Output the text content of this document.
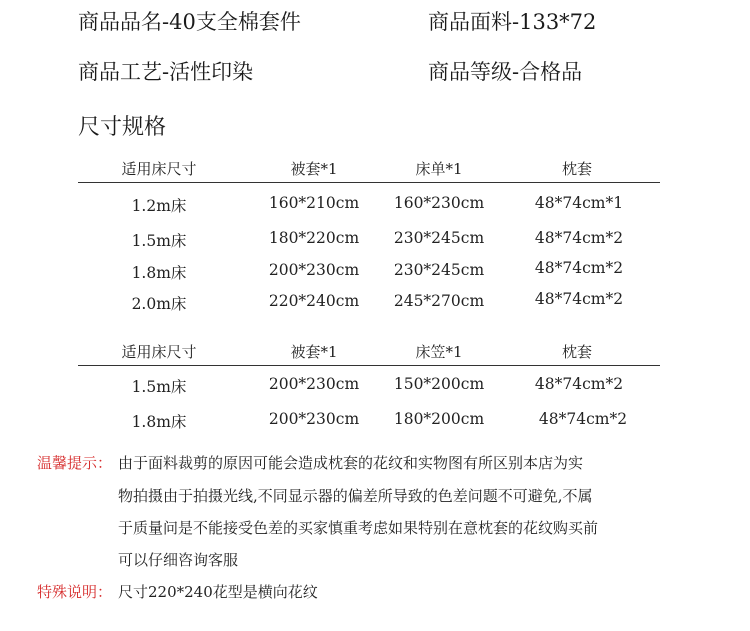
商品品名-40支全棉套件	商品面料-133*72
商品工艺-活性印染	商品等级-合格品
尺寸规格
适用床尺寸	被套*1	床单*1	枕套
1.2m床	160*210cm	160*230cm	48*74cm*1
1.5m床	180*220cm	230*245cm	48*74cm*2
1.8m床	200*230cm	230*245cm	48*74cm*2
2.0m床	220*240cm	245*270cm	48*74cm*2
适用床尺寸	被套*1	床笠*1	枕套
1.5m床	200*230cm	150*200cm	48*74cm*2
1.8m床	200*230cm	180*200cm	48*74cm*2
温馨提示： 由于面料裁剪的原因可能会造成枕套的花纹和实物图有所区别本店为实
物拍摄由于拍摄光线,不同显示器的偏差所导致的色差问题不可避免,不属
于质量问是不能接受色差的买家慎重考虑如果特别在意枕套的花纹购买前
可以仔细咨询客服
特殊说明： 尺寸220*240花型是横向花纹
